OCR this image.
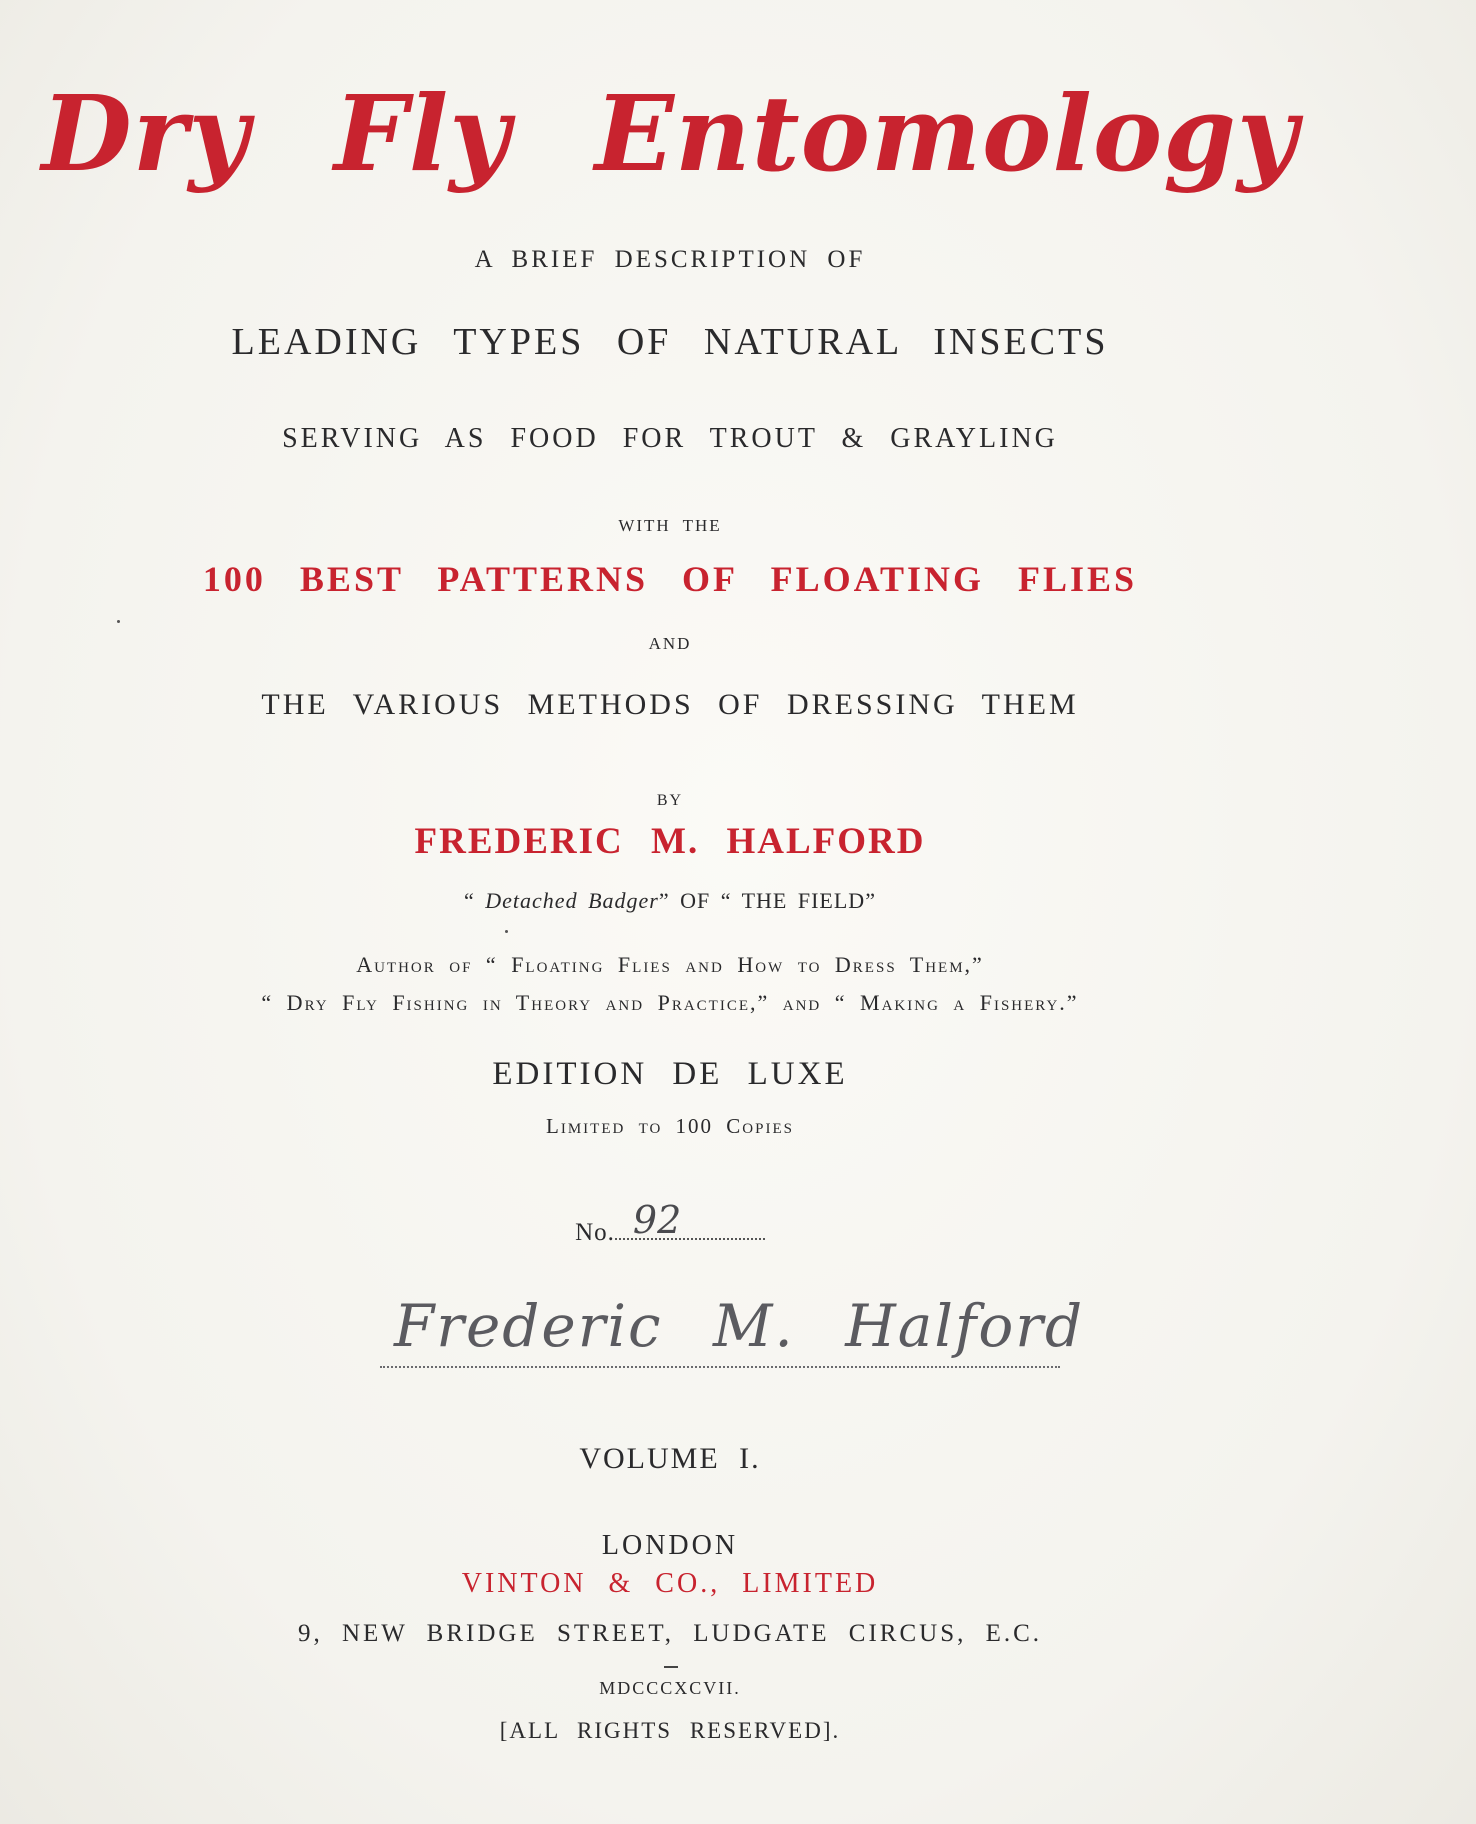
Dry Fly Entomology
A BRIEF DESCRIPTION OF
LEADING TYPES OF NATURAL INSECTS
SERVING AS FOOD FOR TROUT & GRAYLING
WITH THE
100 BEST PATTERNS OF FLOATING FLIES
AND
THE VARIOUS METHODS OF DRESSING THEM
BY
FREDERIC M. HALFORD
“ Detached Badger” OF “ THE FIELD”
Author of “ Floating Flies and How to Dress Them,”
“ Dry Fly Fishing in Theory and Practice,” and “ Making a Fishery.”
EDITION DE LUXE
Limited to 100 Copies
No. 92
Frederic M. Halford
VOLUME I.
LONDON
VINTON & CO., LIMITED
9, NEW BRIDGE STREET, LUDGATE CIRCUS, E.C.
MDCCCXCVII.
[ALL RIGHTS RESERVED].
